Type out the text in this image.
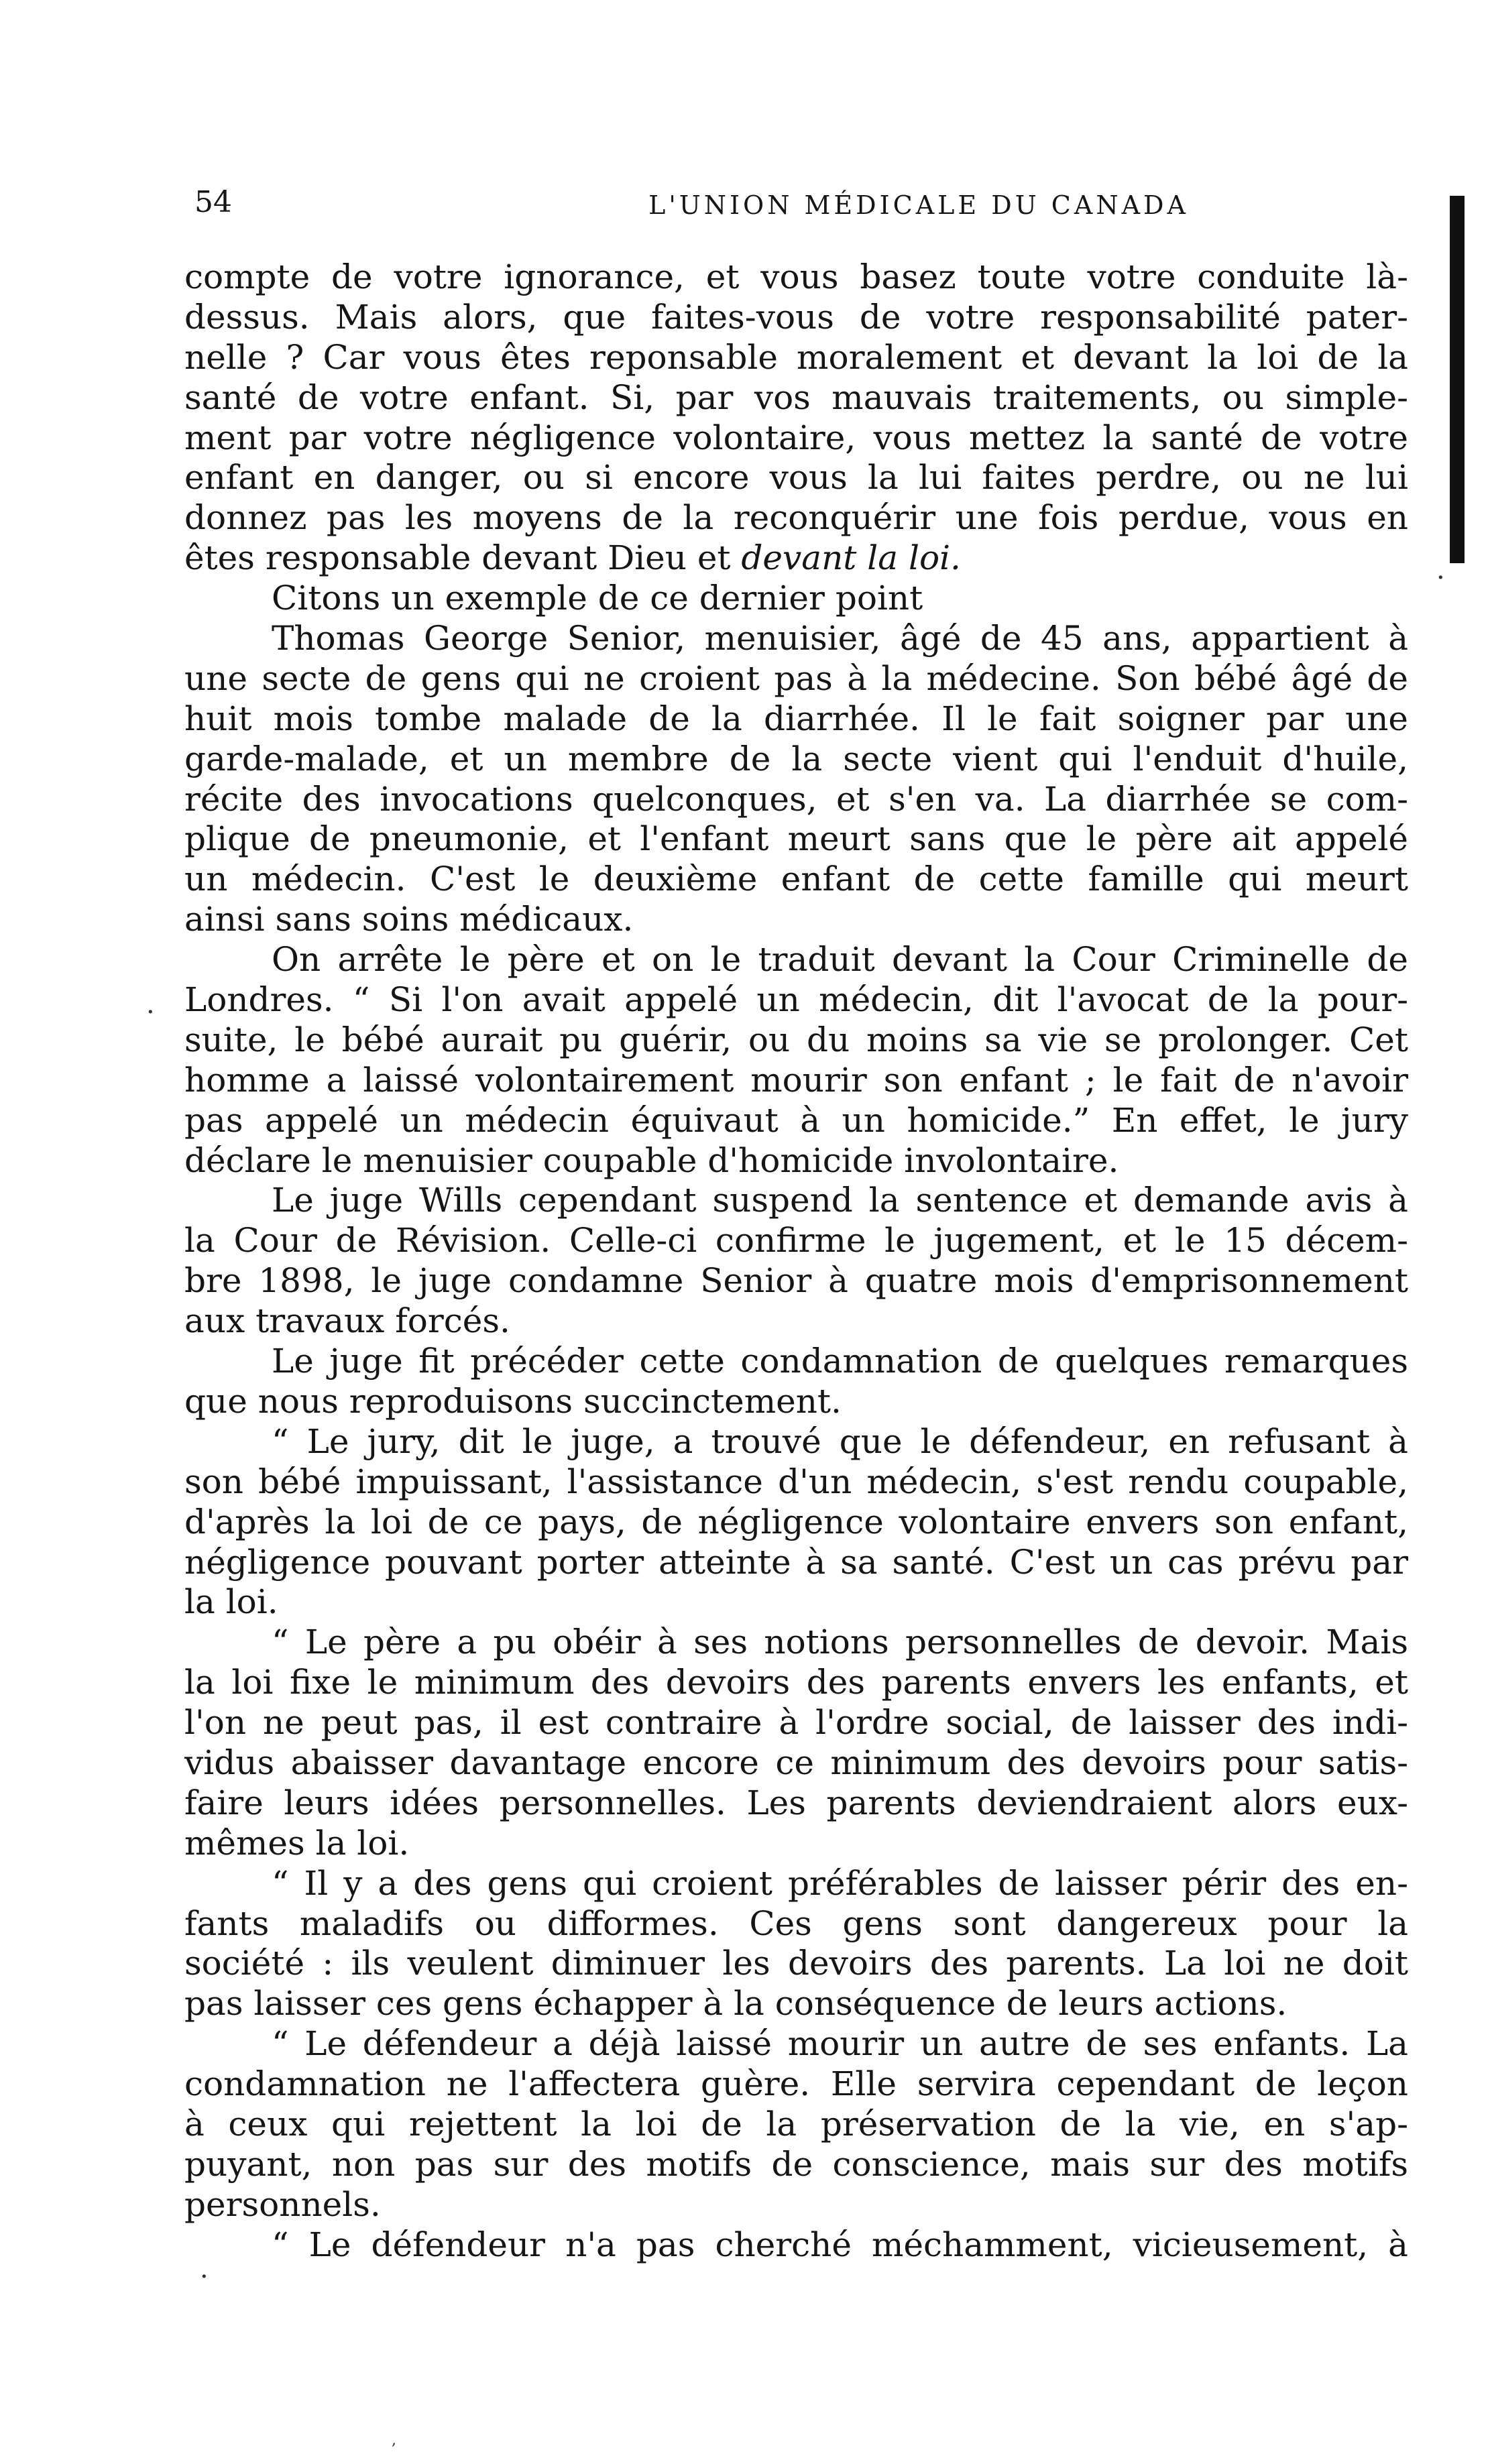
54	L'UNION MÉDICALE DU CANADA
·
·
·
,
compte de votre ignorance, et vous basez toute votre conduite là-
dessus. Mais alors, que faites-vous de votre responsabilité pater-
nelle ? Car vous êtes reponsable moralement et devant la loi de la
santé de votre enfant. Si, par vos mauvais traitements, ou simple-
ment par votre négligence volontaire, vous mettez la santé de votre
enfant en danger, ou si encore vous la lui faites perdre, ou ne lui
donnez pas les moyens de la reconquérir une fois perdue, vous en
êtes responsable devant Dieu et devant la loi.
Citons un exemple de ce dernier point
Thomas George Senior, menuisier, âgé de 45 ans, appartient à
une secte de gens qui ne croient pas à la médecine. Son bébé âgé de
huit mois tombe malade de la diarrhée. Il le fait soigner par une
garde-malade, et un membre de la secte vient qui l'enduit d'huile,
récite des invocations quelconques, et s'en va. La diarrhée se com-
plique de pneumonie, et l'enfant meurt sans que le père ait appelé
un médecin. C'est le deuxième enfant de cette famille qui meurt
ainsi sans soins médicaux.
On arrête le père et on le traduit devant la Cour Criminelle de
Londres. “ Si l'on avait appelé un médecin, dit l'avocat de la pour-
suite, le bébé aurait pu guérir, ou du moins sa vie se prolonger. Cet
homme a laissé volontairement mourir son enfant ; le fait de n'avoir
pas appelé un médecin équivaut à un homicide.” En effet, le jury
déclare le menuisier coupable d'homicide involontaire.
Le juge Wills cependant suspend la sentence et demande avis à
la Cour de Révision. Celle-ci confirme le jugement, et le 15 décem-
bre 1898, le juge condamne Senior à quatre mois d'emprisonnement
aux travaux forcés.
Le juge fit précéder cette condamnation de quelques remarques
que nous reproduisons succinctement.
“ Le jury, dit le juge, a trouvé que le défendeur, en refusant à
son bébé impuissant, l'assistance d'un médecin, s'est rendu coupable,
d'après la loi de ce pays, de négligence volontaire envers son enfant,
négligence pouvant porter atteinte à sa santé. C'est un cas prévu par
la loi.
“ Le père a pu obéir à ses notions personnelles de devoir. Mais
la loi fixe le minimum des devoirs des parents envers les enfants, et
l'on ne peut pas, il est contraire à l'ordre social, de laisser des indi-
vidus abaisser davantage encore ce minimum des devoirs pour satis-
faire leurs idées personnelles. Les parents deviendraient alors eux-
mêmes la loi.
“ Il y a des gens qui croient préférables de laisser périr des en-
fants maladifs ou difformes. Ces gens sont dangereux pour la
société : ils veulent diminuer les devoirs des parents. La loi ne doit
pas laisser ces gens échapper à la conséquence de leurs actions.
“ Le défendeur a déjà laissé mourir un autre de ses enfants. La
condamnation ne l'affectera guère. Elle servira cependant de leçon
à ceux qui rejettent la loi de la préservation de la vie, en s'ap-
puyant, non pas sur des motifs de conscience, mais sur des motifs
personnels.
“ Le défendeur n'a pas cherché méchamment, vicieusement, à
